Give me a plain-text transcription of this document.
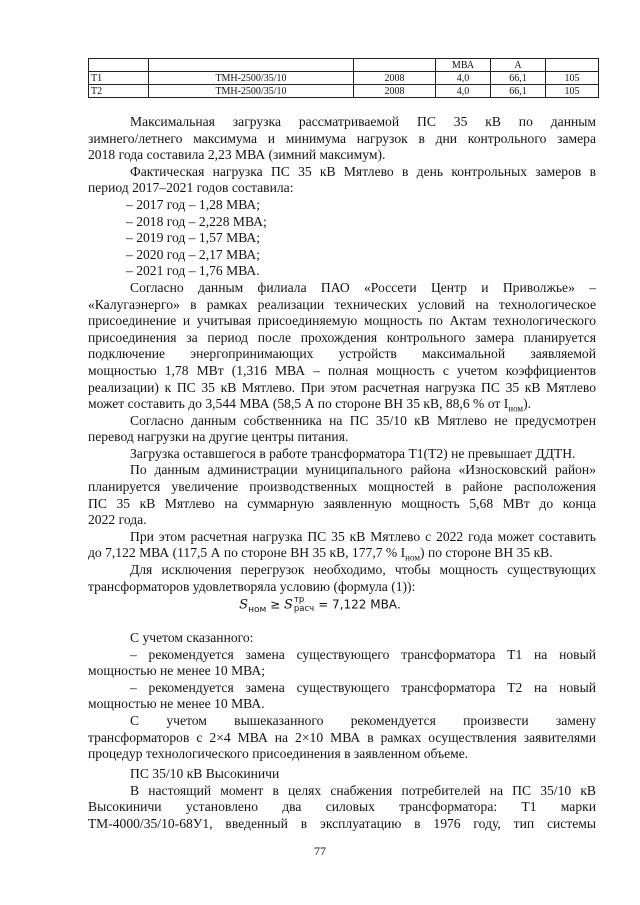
			МВА	А	
Т1	ТМН-2500/35/10	2008	4,0	66,1	105
Т2	ТМН-2500/35/10	2008	4,0	66,1	105
Максимальная загрузка рассматриваемой ПС 35 кВ по данным
зимнего/летнего максимума и минимума нагрузок в дни контрольного замера
2018 года составила 2,23 МВА (зимний максимум).
Фактическая нагрузка ПС 35 кВ Мятлево в день контрольных замеров в
период 2017–2021 годов составила:
– 2017 год – 1,28 МВА;
– 2018 год – 2,228 МВА;
– 2019 год – 1,57 МВА;
– 2020 год – 2,17 МВА;
– 2021 год – 1,76 МВА.
Согласно данным филиала ПАО «Россети Центр и Приволжье» –
«Калугаэнерго» в рамках реализации технических условий на технологическое
присоединение и учитывая присоединяемую мощность по Актам технологического
присоединения за период после прохождения контрольного замера планируется
подключение энергопринимающих устройств максимальной заявляемой
мощностью 1,78 МВт (1,316 МВА – полная мощность с учетом коэффициентов
реализации) к ПС 35 кВ Мятлево. При этом расчетная нагрузка ПС 35 кВ Мятлево
может составить до 3,544 МВА (58,5 А по стороне ВН 35 кВ, 88,6 % от $I_{ном}$).
Согласно данным собственника на ПС 35/10 кВ Мятлево не предусмотрен
перевод нагрузки на другие центры питания.
Загрузка оставшегося в работе трансформатора Т1(Т2) не превышает ДДТН.
По данным администрации муниципального района «Износковский район»
планируется увеличение производственных мощностей в районе расположения
ПС 35 кВ Мятлево на суммарную заявленную мощность 5,68 МВт до конца
2022 года.
При этом расчетная нагрузка ПС 35 кВ Мятлево с 2022 года может составить
до 7,122 МВА (117,5 А по стороне ВН 35 кВ, 177,7 % $I_{ном}$) по стороне ВН 35 кВ.
Для исключения перегрузок необходимо, чтобы мощность существующих
трансформаторов удовлетворяла условию (формула (1)):
$S_{ном} \ge S$ тр
расч = 7,122 МВА.
С учетом сказанного:
– рекомендуется замена существующего трансформатора Т1 на новый
мощностью не менее 10 МВА;
– рекомендуется замена существующего трансформатора Т2 на новый
мощностью не менее 10 МВА.
С учетом вышеказанного рекомендуется произвести замену
трансформаторов с 2×4 МВА на 2×10 МВА в рамках осуществления заявителями
процедур технологического присоединения в заявленном объеме.
ПС 35/10 кВ Высокиничи
В настоящий момент в целях снабжения потребителей на ПС 35/10 кВ
Высокиничи установлено два силовых трансформатора: Т1 марки
ТМ-4000/35/10-68У1, введенный в эксплуатацию в 1976 году, тип системы
77
